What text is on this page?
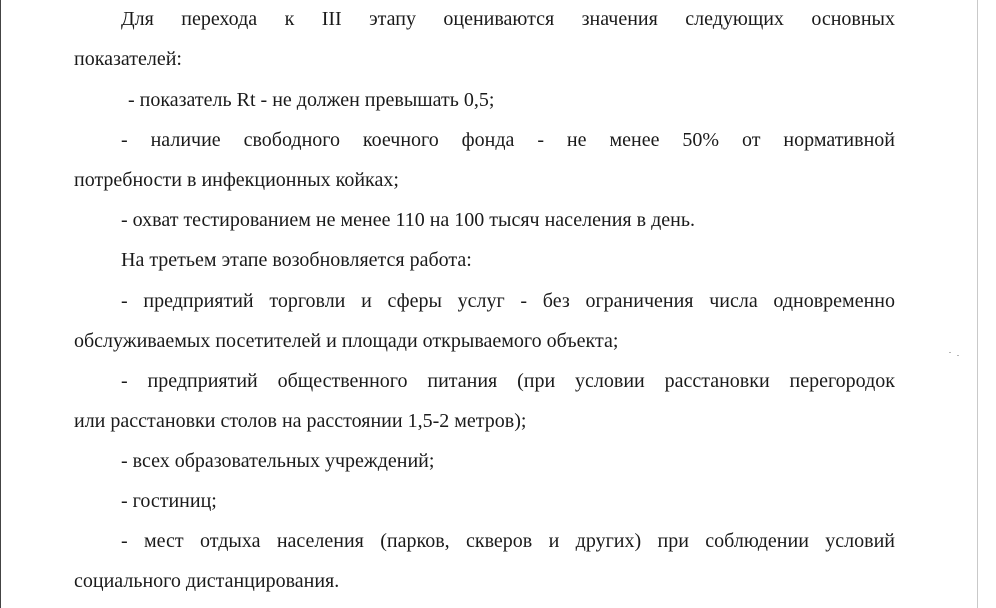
Для перехода к III этапу оцениваются значения следующих основных
показателей:
- показатель Rt - не должен превышать 0,5;
- наличие свободного коечного фонда - не менее 50% от нормативной
потребности в инфекционных койках;
- охват тестированием не менее 110 на 100 тысяч населения в день.
На третьем этапе возобновляется работа:
- предприятий торговли и сферы услуг - без ограничения числа одновременно
обслуживаемых посетителей и площади открываемого объекта;
- предприятий общественного питания (при условии расстановки перегородок
или расстановки столов на расстоянии 1,5-2 метров);
- всех образовательных учреждений;
- гостиниц;
- мест отдыха населения (парков, скверов и других) при соблюдении условий
социального дистанцирования.
